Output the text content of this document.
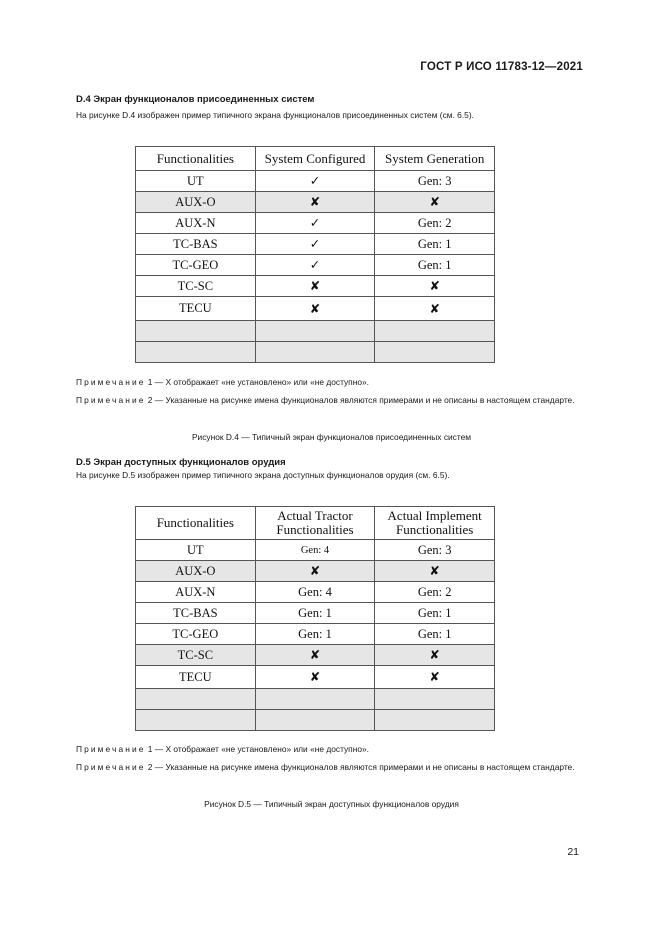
ГОСТ Р ИСО 11783-12—2021
D.4 Экран функционалов присоединенных систем
На рисунке D.4 изображен пример типичного экрана функционалов присоединенных систем (см. 6.5).
Functionalities	System Configured	System Generation
UT	✓	Gen: 3
AUX-O	✘	✘
AUX-N	✓	Gen: 2
TC-BAS	✓	Gen: 1
TC-GEO	✓	Gen: 1
TC-SC	✘	✘
TECU	✘	✘

Примечание 1 — X отображает «не установлено» или «не доступно».
Примечание 2 — Указанные на рисунке имена функционалов являются примерами и не описаны в настоящем стандарте.
Рисунок D.4 — Типичный экран функционалов присоединенных систем
D.5 Экран доступных функционалов орудия
На рисунке D.5 изображен пример типичного экрана доступных функционалов орудия (см. 6.5).
Functionalities	Actual Tractor Functionalities	Actual Implement Functionalities
UT	Gen: 4	Gen: 3
AUX-O	✘	✘
AUX-N	Gen: 4	Gen: 2
TC-BAS	Gen: 1	Gen: 1
TC-GEO	Gen: 1	Gen: 1
TC-SC	✘	✘
TECU	✘	✘

Примечание 1 — X отображает «не установлено» или «не доступно».
Примечание 2 — Указанные на рисунке имена функционалов являются примерами и не описаны в настоящем стандарте.
Рисунок D.5 — Типичный экран доступных функционалов орудия
21
